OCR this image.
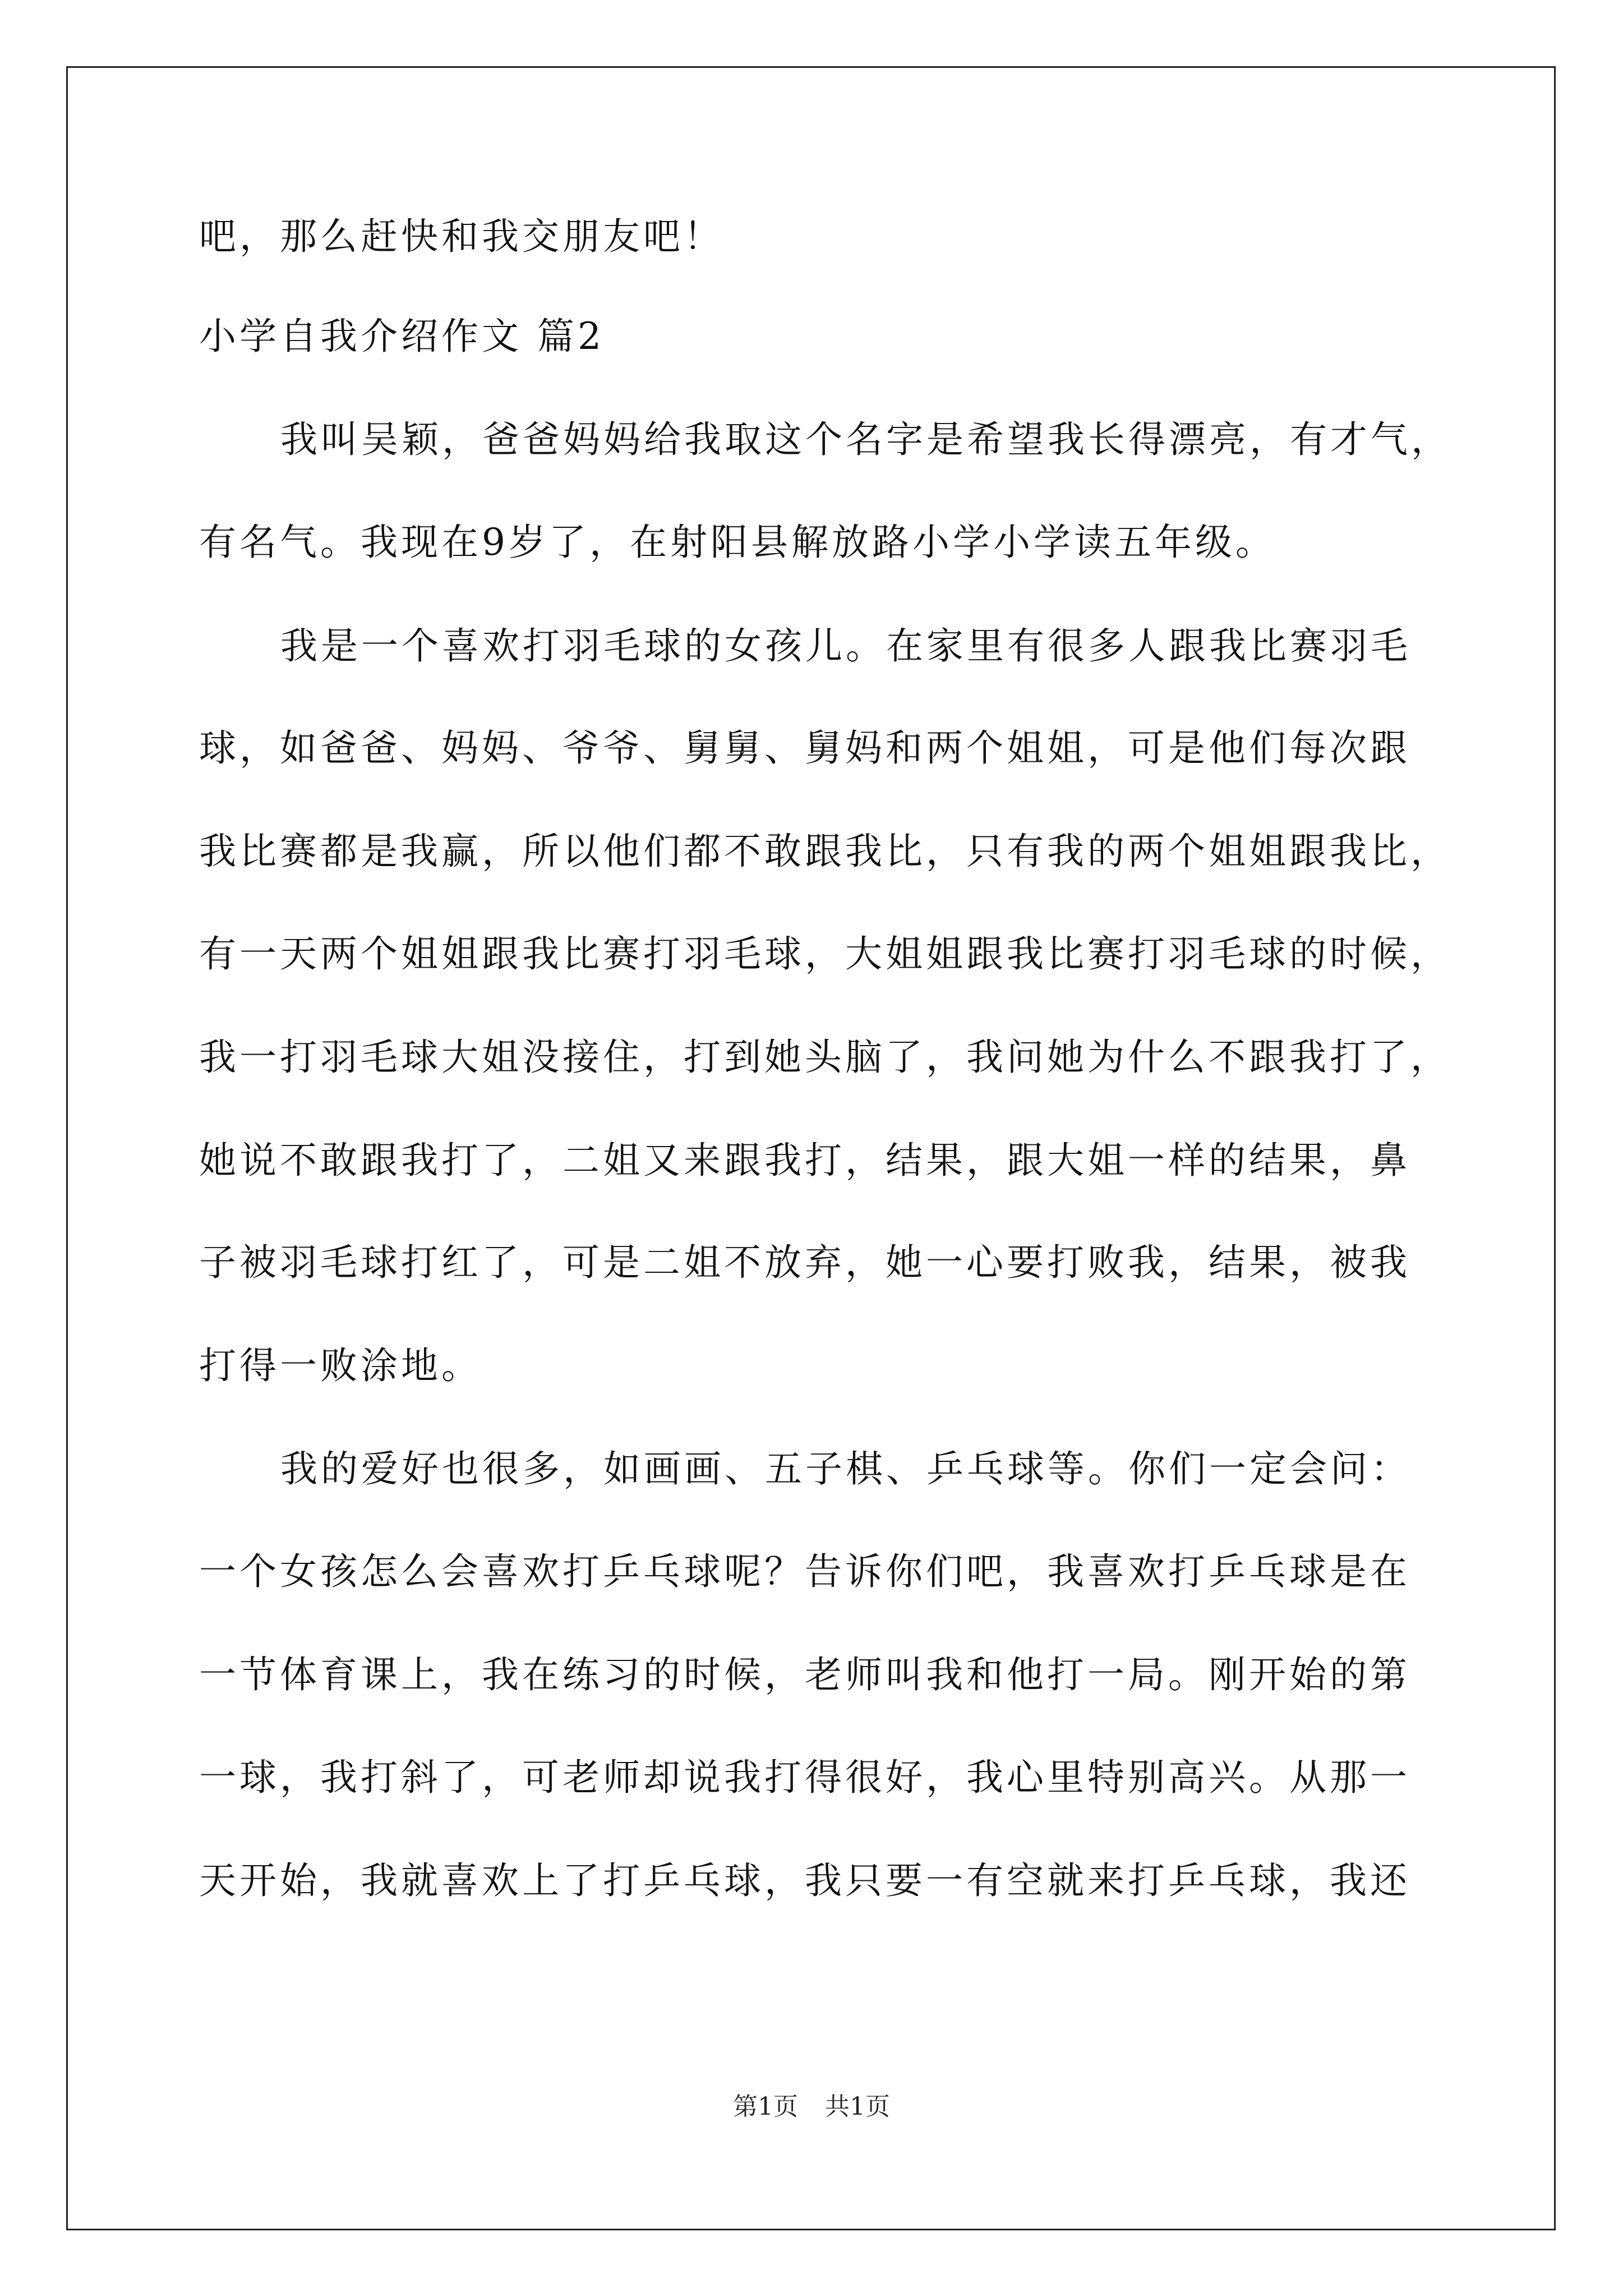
吧，那么赶快和我交朋友吧！
小学自我介绍作文 篇2
我叫吴颖，爸爸妈妈给我取这个名字是希望我长得漂亮，有才气，
有名气。我现在9岁了，在射阳县解放路小学小学读五年级。
我是一个喜欢打羽毛球的女孩儿。在家里有很多人跟我比赛羽毛
球，如爸爸、妈妈、爷爷、舅舅、舅妈和两个姐姐，可是他们每次跟
我比赛都是我赢，所以他们都不敢跟我比，只有我的两个姐姐跟我比，
有一天两个姐姐跟我比赛打羽毛球，大姐姐跟我比赛打羽毛球的时候，
我一打羽毛球大姐没接住，打到她头脑了，我问她为什么不跟我打了，
她说不敢跟我打了，二姐又来跟我打，结果，跟大姐一样的结果，鼻
子被羽毛球打红了，可是二姐不放弃，她一心要打败我，结果，被我
打得一败涂地。
我的爱好也很多，如画画、五子棋、乒乓球等。你们一定会问：
一个女孩怎么会喜欢打乒乓球呢？告诉你们吧，我喜欢打乒乓球是在
一节体育课上，我在练习的时候，老师叫我和他打一局。刚开始的第
一球，我打斜了，可老师却说我打得很好，我心里特别高兴。从那一
天开始，我就喜欢上了打乒乓球，我只要一有空就来打乒乓球，我还
第1页 共1页
